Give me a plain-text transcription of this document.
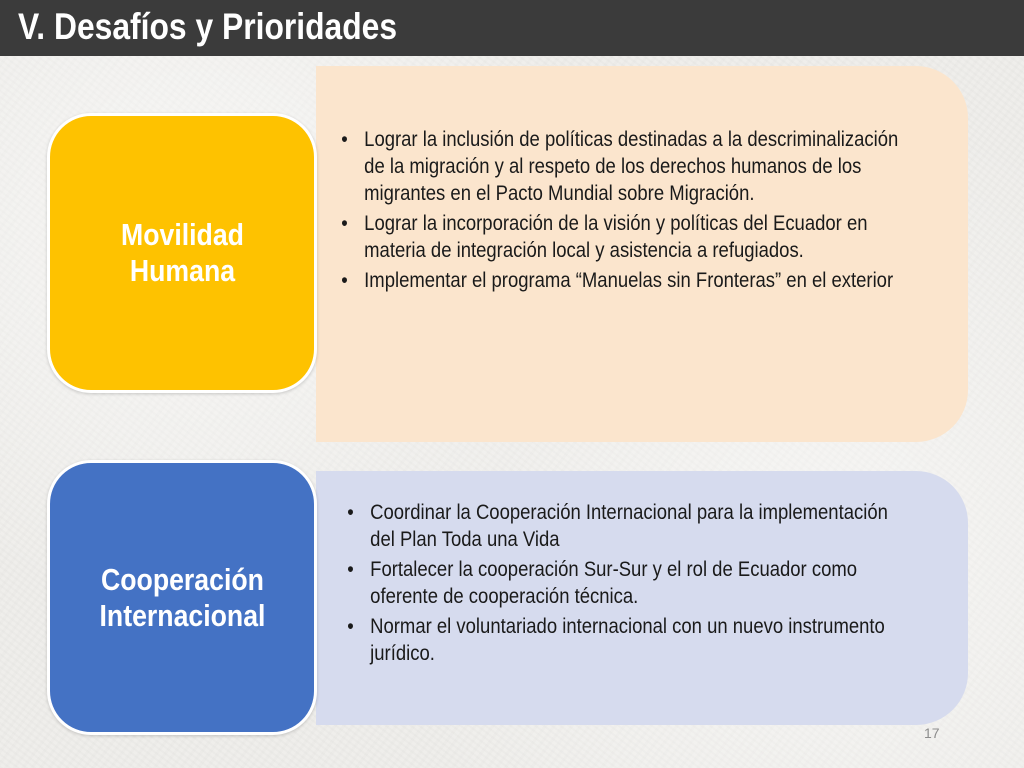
V. Desafíos y Prioridades
• Lograr la inclusión de políticas destinadas a la descriminalización de la migración y al respeto de los derechos humanos de los migrantes en el Pacto Mundial sobre Migración.
• Lograr la incorporación de la visión y políticas del Ecuador en materia de integración local y asistencia a refugiados.
• Implementar el programa “Manuelas sin Fronteras” en el exterior
Movilidad
Humana
• Coordinar la Cooperación Internacional para la implementación del Plan Toda una Vida
• Fortalecer la cooperación Sur-Sur y el rol de Ecuador como oferente de cooperación técnica.
• Normar el voluntariado internacional con un nuevo instrumento jurídico.
Cooperación
Internacional
17
